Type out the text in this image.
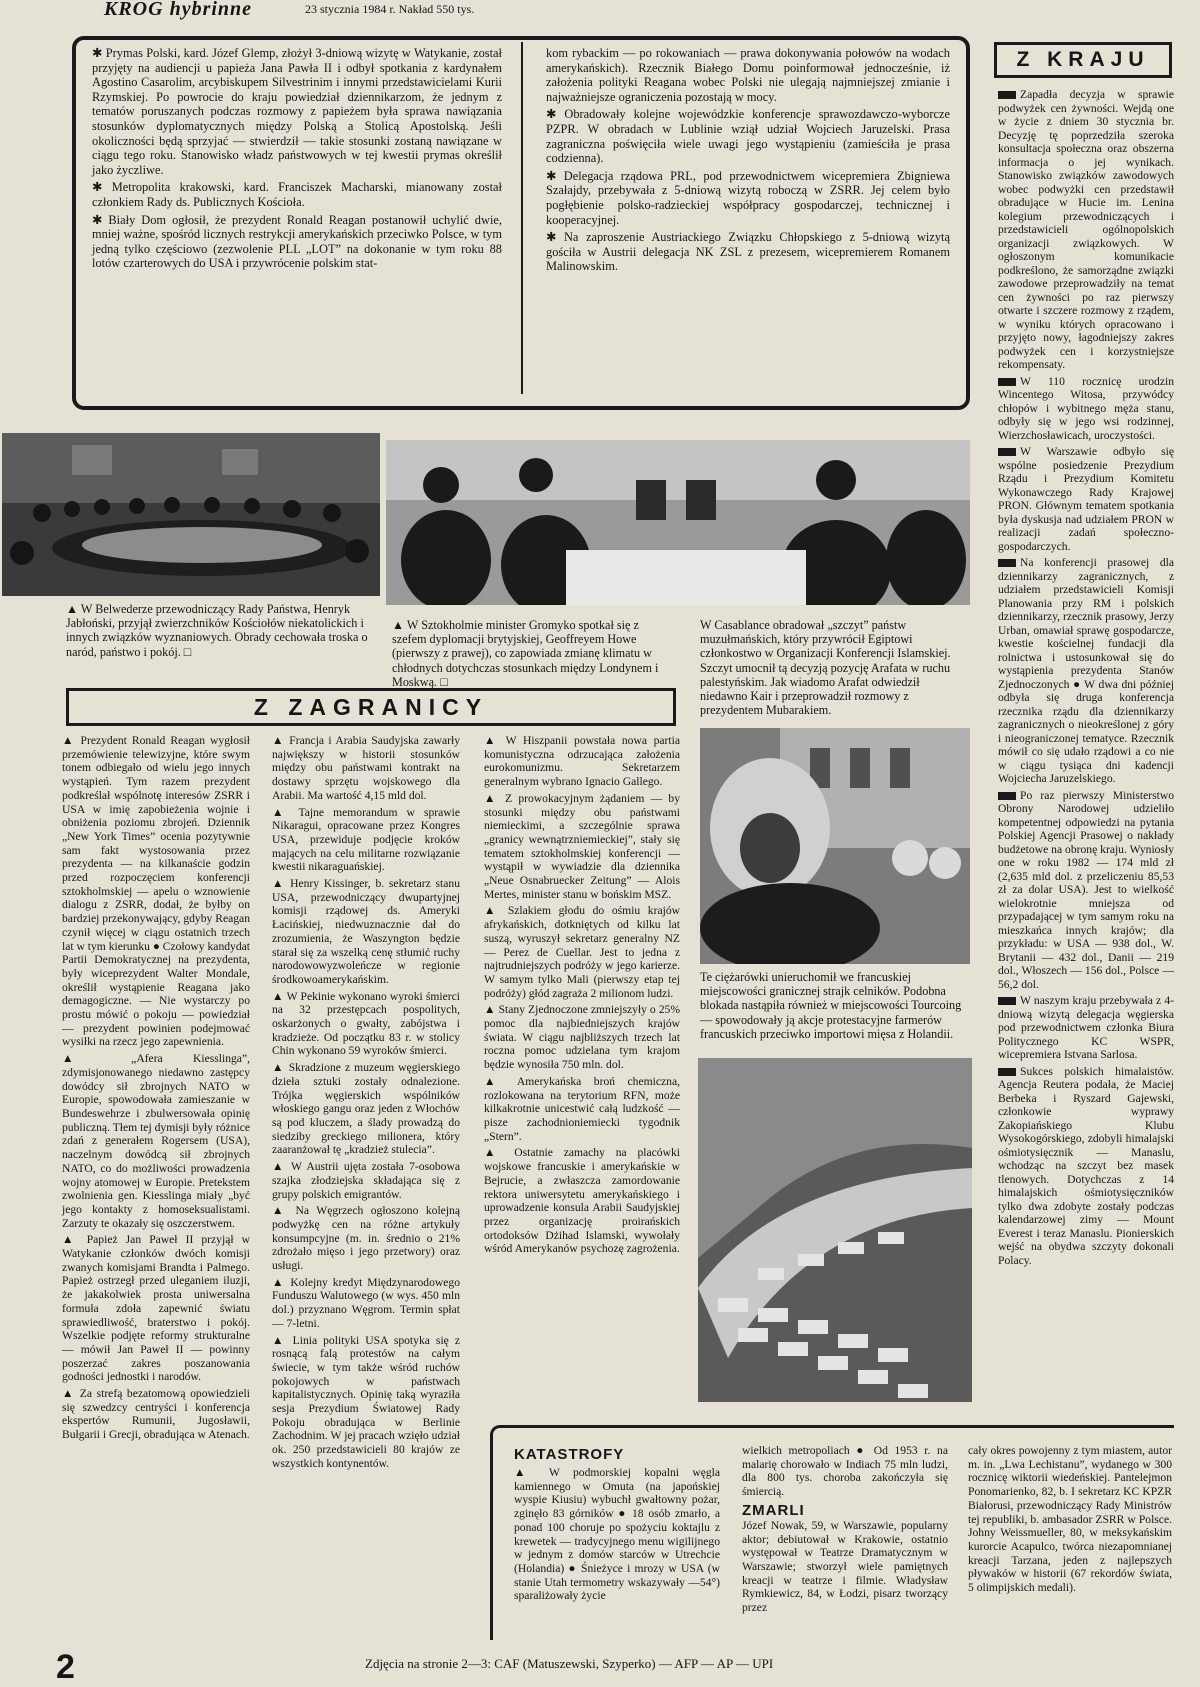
KROG hybrinne	23 stycznia 1984 r. Nakład 550 tys.

✱ Prymas Polski, kard. Józef Glemp, złożył 3-dniową wizytę w Watykanie, został przyjęty na audiencji u papieża Jana Pawła II i odbył spotkania z kardynałem Agostino Casarolim, arcybiskupem Silvestrinim i innymi przedstawicielami Kurii Rzymskiej. Po powrocie do kraju powiedział dziennikarzom, że jednym z tematów poruszanych podczas rozmowy z papieżem była sprawa nawiązania stosunków dyplomatycznych między Polską a Stolicą Apostolską. Jeśli okoliczności będą sprzyjać — stwierdził — takie stosunki zostaną nawiązane w ciągu tego roku. Stanowisko władz państwowych w tej kwestii prymas określił jako życzliwe.

✱ Metropolita krakowski, kard. Franciszek Macharski, mianowany został członkiem Rady ds. Publicznych Kościoła.

✱ Biały Dom ogłosił, że prezydent Ronald Reagan postanowił uchylić dwie, mniej ważne, spośród licznych restrykcji amerykańskich przeciwko Polsce, w tym jedną tylko częściowo (zezwolenie PLL „LOT” na dokonanie w tym roku 88 lotów czarterowych do USA i przywrócenie polskim stat-

kom rybackim — po rokowaniach — prawa dokonywania połowów na wodach amerykańskich). Rzecznik Białego Domu poinformował jednocześnie, iż założenia polityki Reagana wobec Polski nie ulegają najmniejszej zmianie i najważniejsze ograniczenia pozostają w mocy.

✱ Obradowały kolejne wojewódzkie konferencje sprawozdawczo-wyborcze PZPR. W obradach w Lublinie wziął udział Wojciech Jaruzelski. Prasa zagraniczna poświęciła wiele uwagi jego wystąpieniu (zamieściła je prasa codzienna).

✱ Delegacja rządowa PRL, pod przewodnictwem wicepremiera Zbigniewa Szałajdy, przebywała z 5-dniową wizytą roboczą w ZSRR. Jej celem było pogłębienie polsko-radzieckiej współpracy gospodarczej, technicznej i kooperacyjnej.

✱ Na zaproszenie Austriackiego Związku Chłopskiego z 5-dniową wizytą gościła w Austrii delegacja NK ZSL z prezesem, wicepremierem Romanem Malinowskim.

Z KRAJU

Zapadła decyzja w sprawie podwyżek cen żywności. Wejdą one w życie z dniem 30 stycznia br. Decyzję tę poprzedziła szeroka konsultacja społeczna oraz obszerna informacja o jej wynikach. Stanowisko związków zawodowych wobec podwyżki cen przedstawił obradujące w Hucie im. Lenina kolegium przewodniczących i przedstawicieli ogólnopolskich organizacji związkowych. W ogłoszonym komunikacie podkreślono, że samorządne związki zawodowe przeprowadziły na temat cen żywności po raz pierwszy otwarte i szczere rozmowy z rządem, w wyniku których opracowano i przyjęto nowy, łagodniejszy zakres podwyżek cen i korzystniejsze rekompensaty.

W 110 rocznicę urodzin Wincentego Witosa, przywódcy chłopów i wybitnego męża stanu, odbyły się w jego wsi rodzinnej, Wierzchosławicach, uroczystości.

W Warszawie odbyło się wspólne posiedzenie Prezydium Rządu i Prezydium Komitetu Wykonawczego Rady Krajowej PRON. Głównym tematem spotkania była dyskusja nad udziałem PRON w realizacji zadań społeczno-gospodarczych.

Na konferencji prasowej dla dziennikarzy zagranicznych, z udziałem przedstawicieli Komisji Planowania przy RM i polskich dziennikarzy, rzecznik prasowy, Jerzy Urban, omawiał sprawę gospodarcze, kwestie kościelnej fundacji dla rolnictwa i ustosunkował się do wystąpienia prezydenta Stanów Zjednoczonych ● W dwa dni później odbyła się druga konferencja rzecznika rządu dla dziennikarzy zagranicznych o nieokreślonej z góry i nieograniczonej tematyce. Rzecznik mówił co się udało rządowi a co nie w ciągu tysiąca dni kadencji Wojciecha Jaruzelskiego.

Po raz pierwszy Ministerstwo Obrony Narodowej udzieliło kompetentnej odpowiedzi na pytania Polskiej Agencji Prasowej o nakłady budżetowe na obronę kraju. Wyniosły one w roku 1982 — 174 mld zł (2,635 mld dol. z przeliczeniu 85,53 zł za dolar USA). Jest to wielkość wielokrotnie mniejsza od przypadającej w tym samym roku na mieszkańca innych krajów; dla przykładu: w USA — 938 dol., W. Brytanii — 432 dol., Danii — 219 dol., Włoszech — 156 dol., Polsce — 56,2 dol.

W naszym kraju przebywała z 4-dniową wizytą delegacja węgierska pod przewodnictwem członka Biura Politycznego KC WSPR, wicepremiera Istvana Sarlosa.

Sukces polskich himalaistów. Agencja Reutera podała, że Maciej Berbeka i Ryszard Gajewski, członkowie wyprawy Zakopiańskiego Klubu Wysokogórskiego, zdobyli himalajski ośmiotysięcznik — Manaslu, wchodząc na szczyt bez masek tlenowych. Dotychczas z 14 himalajskich ośmiotysięczników tylko dwa zdobyte zostały podczas kalendarzowej zimy — Mount Everest i teraz Manaslu. Pionierskich wejść na obydwa szczyty dokonali Polacy.

▲ W Belwederze przewodniczący Rady Państwa, Henryk Jabłoński, przyjął zwierzchników Kościołów niekatolickich i innych związków wyznaniowych. Obrady cechowała troska o naród, państwo i pokój. □
▲ W Sztokholmie minister Gromyko spotkał się z szefem dyplomacji brytyjskiej, Geoffreyem Howe (pierwszy z prawej), co zapowiada zmianę klimatu w chłodnych dotychczas stosunkach między Londynem i Moskwą. □
W Casablance obradował „szczyt” państw muzułmańskich, który przywrócił Egiptowi członkostwo w Organizacji Konferencji Islamskiej. Szczyt umocnił tą decyzją pozycję Arafata w ruchu palestyńskim. Jak wiadomo Arafat odwiedził niedawno Kair i przeprowadził rozmowy z prezydentem Mubarakiem.
Te ciężarówki unieruchomił we francuskiej miejscowości granicznej strajk celników. Podobna blokada nastąpiła również w miejscowości Tourcoing — spowodowały ją akcje protestacyjne farmerów francuskich przeciwko importowi mięsa z Holandii.
Z ZAGRANICY

▲ Prezydent Ronald Reagan wygłosił przemówienie telewizyjne, które swym tonem odbiegało od wielu jego innych wystąpień. Tym razem prezydent podkreślał wspólnotę interesów ZSRR i USA w imię zapobieżenia wojnie i obniżenia poziomu zbrojeń. Dziennik „New York Times” ocenia pozytywnie sam fakt wystosowania przez prezydenta — na kilkanaście godzin przed rozpoczęciem konferencji sztokholmskiej — apelu o wznowienie dialogu z ZSRR, dodał, że byłby on bardziej przekonywający, gdyby Reagan czynił więcej w ciągu ostatnich trzech lat w tym kierunku ● Czołowy kandydat Partii Demokratycznej na prezydenta, były wiceprezydent Walter Mondale, określił wystąpienie Reagana jako demagogiczne. — Nie wystarczy po prostu mówić o pokoju — powiedział — prezydent powinien podejmować wysiłki na rzecz jego zapewnienia.

▲ „Afera Kiesslinga”, zdymisjonowanego niedawno zastępcy dowódcy sił zbrojnych NATO w Europie, spowodowała zamieszanie w Bundeswehrze i zbulwersowała opinię publiczną. Tłem tej dymisji były różnice zdań z generałem Rogersem (USA), naczelnym dowódcą sił zbrojnych NATO, co do możliwości prowadzenia wojny atomowej w Europie. Pretekstem zwolnienia gen. Kiesslinga miały „być jego kontakty z homoseksualistami. Zarzuty te okazały się oszczerstwem.

▲ Papież Jan Paweł II przyjął w Watykanie członków dwóch komisji zwanych komisjami Brandta i Palmego. Papież ostrzegł przed uleganiem iluzji, że jakakolwiek prosta uniwersalna formuła zdoła zapewnić światu sprawiedliwość, braterstwo i pokój. Wszelkie podjęte reformy strukturalne — mówił Jan Paweł II — powinny poszerzać zakres poszanowania godności jednostki i narodów.

▲ Za strefą bezatomową opowiedzieli się szwedzcy centryści i konferencja ekspertów Rumunii, Jugosławii, Bułgarii i Grecji, obradująca w Atenach.

▲ Francja i Arabia Saudyjska zawarły największy w historii stosunków między obu państwami kontrakt na dostawy sprzętu wojskowego dla Arabii. Ma wartość 4,15 mld dol.

▲ Tajne memorandum w sprawie Nikaragui, opracowane przez Kongres USA, przewiduje podjęcie kroków mających na celu militarne rozwiązanie kwestii nikaraguańskiej.

▲ Henry Kissinger, b. sekretarz stanu USA, przewodniczący dwupartyjnej komisji rządowej ds. Ameryki Łacińskiej, niedwuznacznie dał do zrozumienia, że Waszyngton będzie starał się za wszelką cenę stłumić ruchy narodowowyzwoleńcze w regionie środkowoamerykańskim.

▲ W Pekinie wykonano wyroki śmierci na 32 przestępcach pospolitych, oskarżonych o gwałty, zabójstwa i kradzieże. Od początku 83 r. w stolicy Chin wykonano 59 wyroków śmierci.

▲ Skradzione z muzeum węgierskiego dzieła sztuki zostały odnalezione. Trójka węgierskich wspólników włoskiego gangu oraz jeden z Włochów są pod kluczem, a ślady prowadzą do siedziby greckiego milionera, który zaaranżował tę „kradzież stulecia”.

▲ W Austrii ujęta została 7-osobowa szajka złodziejska składająca się z grupy polskich emigrantów.

▲ Na Węgrzech ogłoszono kolejną podwyżkę cen na różne artykuły konsumpcyjne (m. in. średnio o 21% zdrożało mięso i jego przetwory) oraz usługi.

▲ Kolejny kredyt Międzynarodowego Funduszu Walutowego (w wys. 450 mln dol.) przyznano Węgrom. Termin spłat — 7-letni.

▲ Linia polityki USA spotyka się z rosnącą falą protestów na całym świecie, w tym także wśród ruchów pokojowych w państwach kapitalistycznych. Opinię taką wyraziła sesja Prezydium Światowej Rady Pokoju obradująca w Berlinie Zachodnim. W jej pracach wzięło udział ok. 250 przedstawicieli 80 krajów ze wszystkich kontynentów.

▲ W Hiszpanii powstała nowa partia komunistyczna odrzucająca założenia eurokomunizmu. Sekretarzem generalnym wybrano Ignacio Gallego.

▲ Z prowokacyjnym żądaniem — by stosunki między obu państwami niemieckimi, a szczególnie sprawa „granicy wewnątrzniemieckiej”, stały się tematem sztokholmskiej konferencji — wystąpił w wywiadzie dla dziennika „Neue Osnabruecker Zeitung” — Alois Mertes, minister stanu w bońskim MSZ.

▲ Szlakiem głodu do ośmiu krajów afrykańskich, dotkniętych od kilku lat suszą, wyruszył sekretarz generalny NZ — Perez de Cuellar. Jest to jedna z najtrudniejszych podróży w jego karierze. W samym tylko Mali (pierwszy etap tej podróży) głód zagraża 2 milionom ludzi.

▲ Stany Zjednoczone zmniejszyły o 25% pomoc dla najbiedniejszych krajów świata. W ciągu najbliższych trzech lat roczna pomoc udzielana tym krajom będzie wynosiła 750 mln. dol.

▲ Amerykańska broń chemiczna, rozlokowana na terytorium RFN, może kilkakrotnie unicestwić całą ludzkość — pisze zachodnioniemiecki tygodnik „Stern”.

▲ Ostatnie zamachy na placówki wojskowe francuskie i amerykańskie w Bejrucie, a zwłaszcza zamordowanie rektora uniwersytetu amerykańskiego i uprowadzenie konsula Arabii Saudyjskiej przez organizację proirańskich ortodoksów Dżihad Islamski, wywołały wśród Amerykanów psychozę zagrożenia.

KATASTROFY

▲ W podmorskiej kopalni węgla kamiennego w Omuta (na japońskiej wyspie Kiusiu) wybuchł gwałtowny pożar, zginęło 83 górników ● 18 osób zmarło, a ponad 100 choruje po spożyciu koktajlu z krewetek — tradycyjnego menu wigilijnego w jednym z domów starców w Utrechcie (Holandia) ● Śnieżyce i mrozy w USA (w stanie Utah termometry wskazywały —54°) sparaliżowały życie

wielkich metropoliach ● Od 1953 r. na malarię chorowało w Indiach 75 mln ludzi, dla 800 tys. choroba zakończyła się śmiercią.

ZMARLI

Józef Nowak, 59, w Warszawie, popularny aktor; debiutował w Krakowie, ostatnio występował w Teatrze Dramatycznym w Warszawie; stworzył wiele pamiętnych kreacji w teatrze i filmie. Władysław Rymkiewicz, 84, w Łodzi, pisarz tworzący przez

cały okres powojenny z tym miastem, autor m. in. „Lwa Lechistanu”, wydanego w 300 rocznicę wiktorii wiedeńskiej. Pantelejmon Ponomarienko, 82, b. I sekretarz KC KPZR Białorusi, przewodniczący Rady Ministrów tej republiki, b. ambasador ZSRR w Polsce. Johny Weissmueller, 80, w meksykańskim kurorcie Acapulco, twórca niezapomnianej kreacji Tarzana, jeden z najlepszych pływaków w historii (67 rekordów świata, 5 olimpijskich medali).

2	Zdjęcia na stronie 2—3: CAF (Matuszewski, Szyperko) — AFP — AP — UPI
